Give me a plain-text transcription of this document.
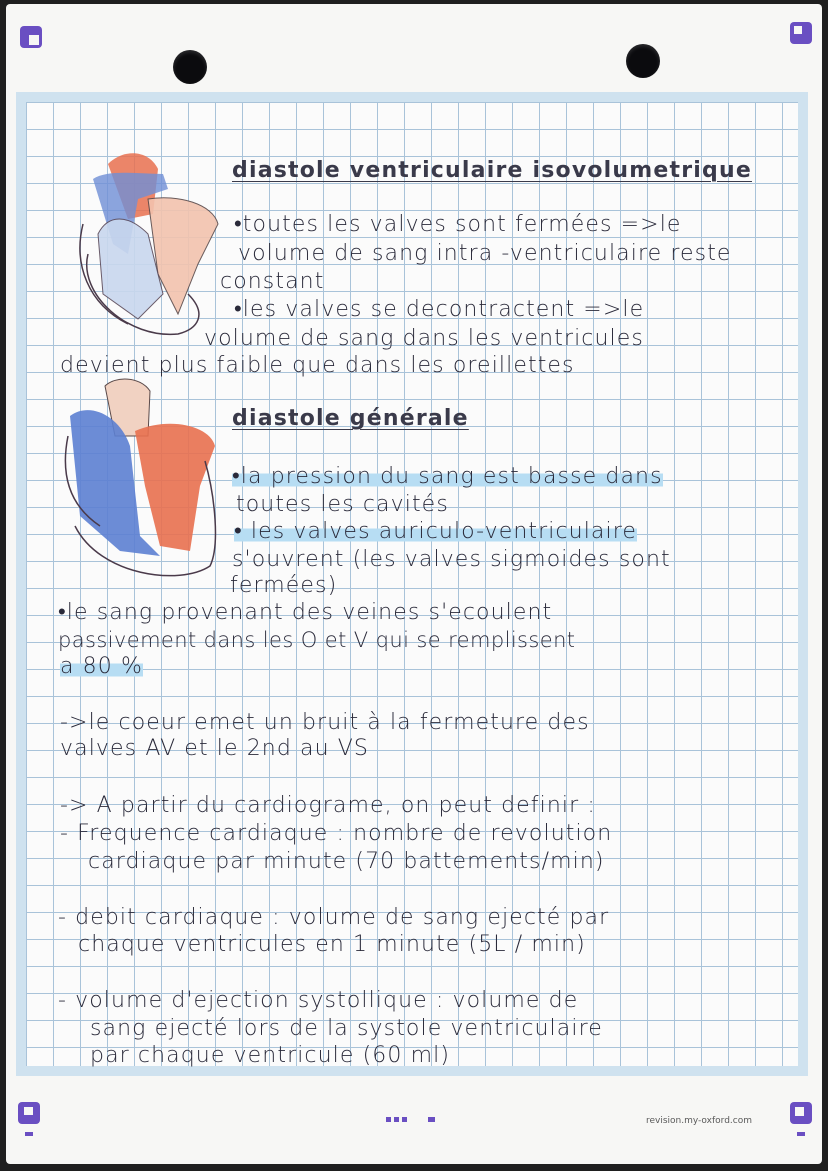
diastole ventriculaire isovolumetrique

•toutes les valves sont fermées =>le

volume de sang intra -ventriculaire reste

constant

•les valves se decontractent =>le

volume de sang dans les ventricules

devient plus faible que dans les oreillettes

diastole générale

•la pression du sang est basse dans

toutes les cavités

• les valves auriculo-ventriculaire

s'ouvrent (les valves sigmoides sont

fermées)

•le sang provenant des veines s'ecoulent

passivement dans les O et V qui se remplissent

a 80 %

->le coeur emet un bruit à la fermeture des

valves AV et le 2nd au VS

-> A partir du cardiograme, on peut definir :

- Frequence cardiaque : nombre de revolution

cardiaque par minute (70 battements/min)

- debit cardiaque : volume de sang ejecté par

chaque ventricules en 1 minute (5L / min)

- volume d'ejection systollique : volume de

sang ejecté lors de la systole ventriculaire

par chaque ventricule (60 ml)

revision.my-oxford.com
